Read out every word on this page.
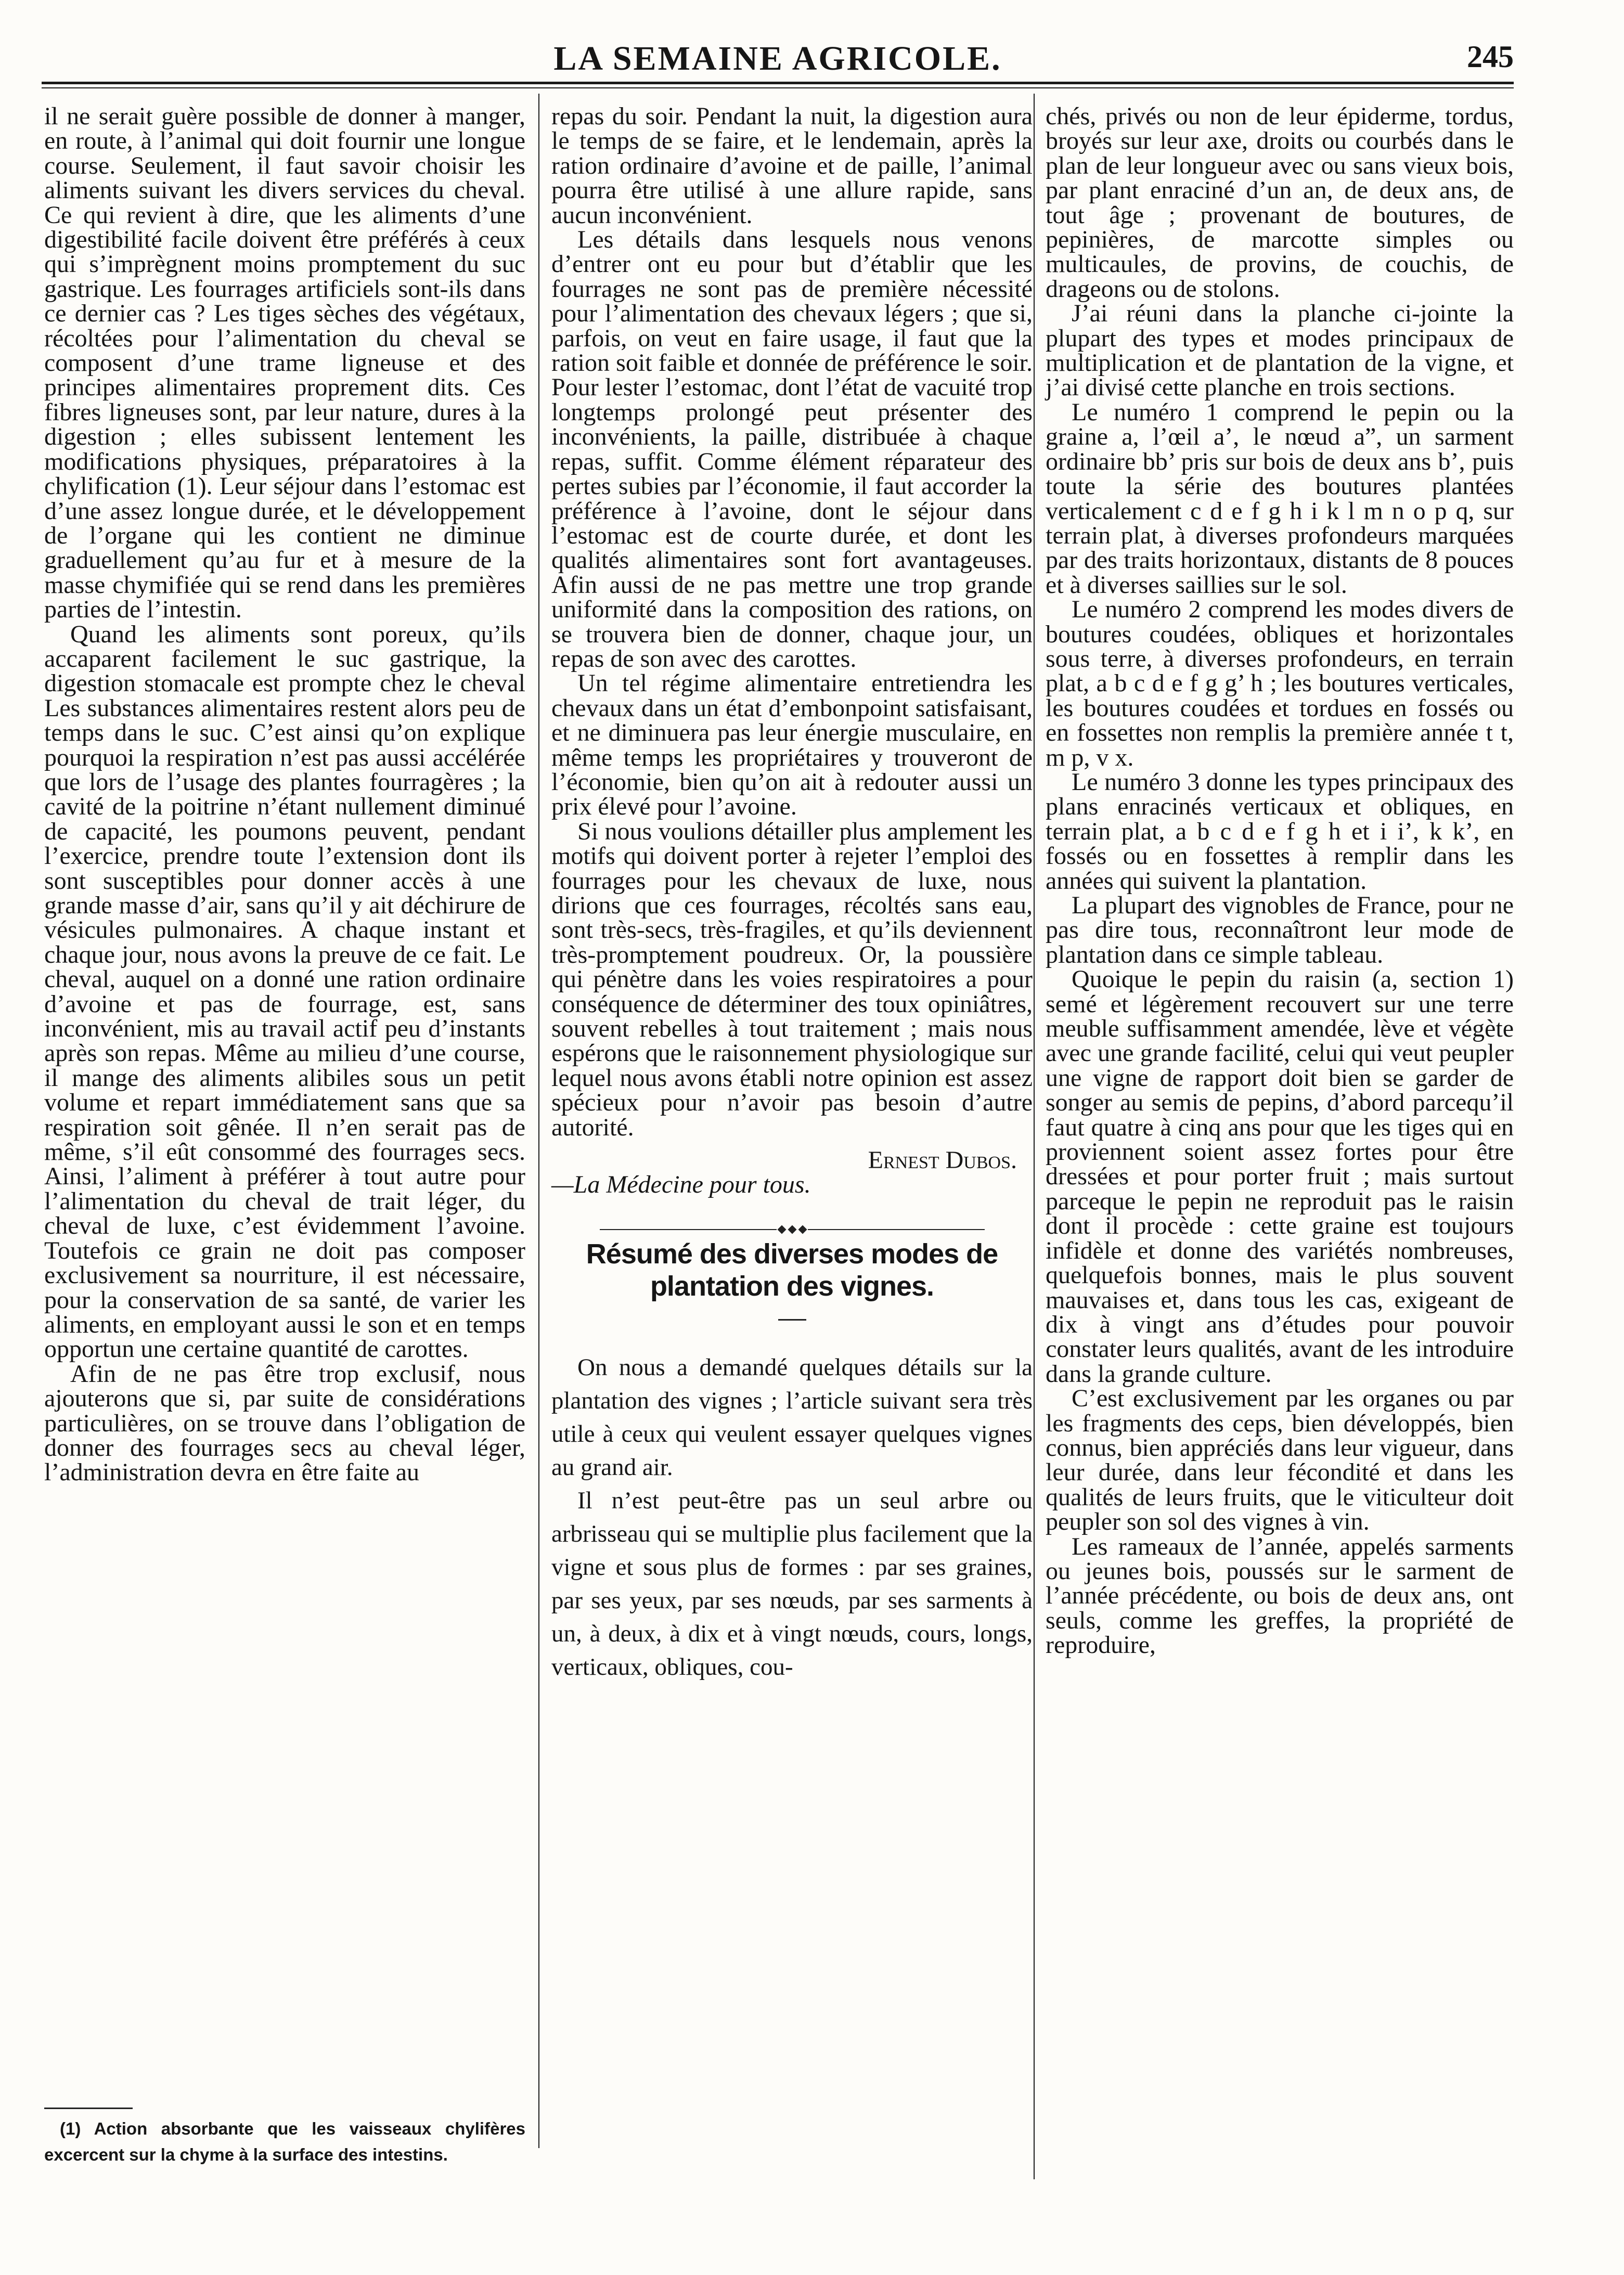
LA SEMAINE AGRICOLE.	245

il ne serait guère possible de donner à manger, en route, à l’animal qui doit fournir une longue course. Seulement, il faut savoir choisir les aliments suivant les divers services du cheval. Ce qui revient à dire, que les aliments d’une digestibilité facile doivent être préférés à ceux qui s’imprègnent moins promptement du suc gastrique. Les fourrages artificiels sont-ils dans ce dernier cas ? Les tiges sèches des végétaux, récoltées pour l’alimentation du cheval se composent d’une trame ligneuse et des principes alimentaires proprement dits. Ces fibres ligneuses sont, par leur nature, dures à la digestion ; elles subissent lentement les modifications physiques, préparatoires à la chylification (1). Leur séjour dans l’estomac est d’une assez longue durée, et le développement de l’organe qui les contient ne diminue graduellement qu’au fur et à mesure de la masse chymifiée qui se rend dans les premières parties de l’intestin.

Quand les aliments sont poreux, qu’ils accaparent facilement le suc gastrique, la digestion stomacale est prompte chez le cheval Les substances alimentaires restent alors peu de temps dans le suc. C’est ainsi qu’on explique pourquoi la respiration n’est pas aussi accélérée que lors de l’usage des plantes fourragères ; la cavité de la poitrine n’étant nullement diminué de capacité, les poumons peuvent, pendant l’exercice, prendre toute l’extension dont ils sont susceptibles pour donner accès à une grande masse d’air, sans qu’il y ait déchirure de vésicules pulmonaires. A chaque instant et chaque jour, nous avons la preuve de ce fait. Le cheval, auquel on a donné une ration ordinaire d’avoine et pas de fourrage, est, sans inconvénient, mis au travail actif peu d’instants après son repas. Même au milieu d’une course, il mange des aliments alibiles sous un petit volume et repart immédiatement sans que sa respiration soit gênée. Il n’en serait pas de même, s’il eût consommé des fourrages secs. Ainsi, l’aliment à préférer à tout autre pour l’alimentation du cheval de trait léger, du cheval de luxe, c’est évidemment l’avoine. Toutefois ce grain ne doit pas composer exclusivement sa nourriture, il est nécessaire, pour la conservation de sa santé, de varier les aliments, en employant aussi le son et en temps opportun une certaine quantité de carottes.

Afin de ne pas être trop exclusif, nous ajouterons que si, par suite de considérations particulières, on se trouve dans l’obligation de donner des fourrages secs au cheval léger, l’administration devra en être faite au

(1) Action absorbante que les vaisseaux chylifères excercent sur la chyme à la surface des intestins.

repas du soir. Pendant la nuit, la digestion aura le temps de se faire, et le lendemain, après la ration ordinaire d’avoine et de paille, l’animal pourra être utilisé à une allure rapide, sans aucun inconvénient.

Les détails dans lesquels nous venons d’entrer ont eu pour but d’établir que les fourrages ne sont pas de première nécessité pour l’alimentation des chevaux légers ; que si, parfois, on veut en faire usage, il faut que la ration soit faible et donnée de préférence le soir. Pour lester l’estomac, dont l’état de vacuité trop longtemps prolongé peut présenter des inconvénients, la paille, distribuée à chaque repas, suffit. Comme élément réparateur des pertes subies par l’économie, il faut accorder la préférence à l’avoine, dont le séjour dans l’estomac est de courte durée, et dont les qualités alimentaires sont fort avantageuses. Afin aussi de ne pas mettre une trop grande uniformité dans la composition des rations, on se trouvera bien de donner, chaque jour, un repas de son avec des carottes.

Un tel régime alimentaire entretiendra les chevaux dans un état d’embonpoint satisfaisant, et ne diminuera pas leur énergie musculaire, en même temps les propriétaires y trouveront de l’économie, bien qu’on ait à redouter aussi un prix élevé pour l’avoine.

Si nous voulions détailler plus amplement les motifs qui doivent porter à rejeter l’emploi des fourrages pour les chevaux de luxe, nous dirions que ces fourrages, récoltés sans eau, sont très-secs, très-fragiles, et qu’ils deviennent très-promptement poudreux. Or, la poussière qui pénètre dans les voies respiratoires a pour conséquence de déterminer des toux opiniâtres, souvent rebelles à tout traitement ; mais nous espérons que le raisonnement physiologique sur lequel nous avons établi notre opinion est assez spécieux pour n’avoir pas besoin d’autre autorité.

Ernest Dubos.

—La Médecine pour tous.

Résumé des diverses modes de plantation des vignes.

On nous a demandé quelques détails sur la plantation des vignes ; l’article suivant sera très utile à ceux qui veulent essayer quelques vignes au grand air.

Il n’est peut-être pas un seul arbre ou arbrisseau qui se multiplie plus facilement que la vigne et sous plus de formes : par ses graines, par ses yeux, par ses nœuds, par ses sarments à un, à deux, à dix et à vingt nœuds, cours, longs, verticaux, obliques, cou-

chés, privés ou non de leur épiderme, tordus, broyés sur leur axe, droits ou courbés dans le plan de leur longueur avec ou sans vieux bois, par plant enraciné d’un an, de deux ans, de tout âge ; provenant de boutures, de pepinières, de marcotte simples ou multicaules, de provins, de couchis, de drageons ou de stolons.

J’ai réuni dans la planche ci-jointe la plupart des types et modes principaux de multiplication et de plantation de la vigne, et j’ai divisé cette planche en trois sections.

Le numéro 1 comprend le pepin ou la graine a, l’œil a’, le nœud a”, un sarment ordinaire bb’ pris sur bois de deux ans b’, puis toute la série des boutures plantées verticalement c d e f g h i k l m n o p q, sur terrain plat, à diverses profondeurs marquées par des traits horizontaux, distants de 8 pouces et à diverses saillies sur le sol.

Le numéro 2 comprend les modes divers de boutures coudées, obliques et horizontales sous terre, à diverses profondeurs, en terrain plat, a b c d e f g g’ h ; les boutures verticales, les boutures coudées et tordues en fossés ou en fossettes non remplis la première année t t, m p, v x.

Le numéro 3 donne les types principaux des plans enracinés verticaux et obliques, en terrain plat, a b c d e f g h et i i’, k k’, en fossés ou en fossettes à remplir dans les années qui suivent la plantation.

La plupart des vignobles de France, pour ne pas dire tous, reconnaîtront leur mode de plantation dans ce simple tableau.

Quoique le pepin du raisin (a, section 1) semé et légèrement recouvert sur une terre meuble suffisamment amendée, lève et végète avec une grande facilité, celui qui veut peupler une vigne de rapport doit bien se garder de songer au semis de pepins, d’abord parcequ’il faut quatre à cinq ans pour que les tiges qui en proviennent soient assez fortes pour être dressées et pour porter fruit ; mais surtout parceque le pepin ne reproduit pas le raisin dont il procède : cette graine est toujours infidèle et donne des variétés nombreuses, quelquefois bonnes, mais le plus souvent mauvaises et, dans tous les cas, exigeant de dix à vingt ans d’études pour pouvoir constater leurs qualités, avant de les introduire dans la grande culture.

C’est exclusivement par les organes ou par les fragments des ceps, bien développés, bien connus, bien appréciés dans leur vigueur, dans leur durée, dans leur fécondité et dans les qualités de leurs fruits, que le viticulteur doit peupler son sol des vignes à vin.

Les rameaux de l’année, appelés sarments ou jeunes bois, poussés sur le sarment de l’année précédente, ou bois de deux ans, ont seuls, comme les greffes, la propriété de reproduire,
